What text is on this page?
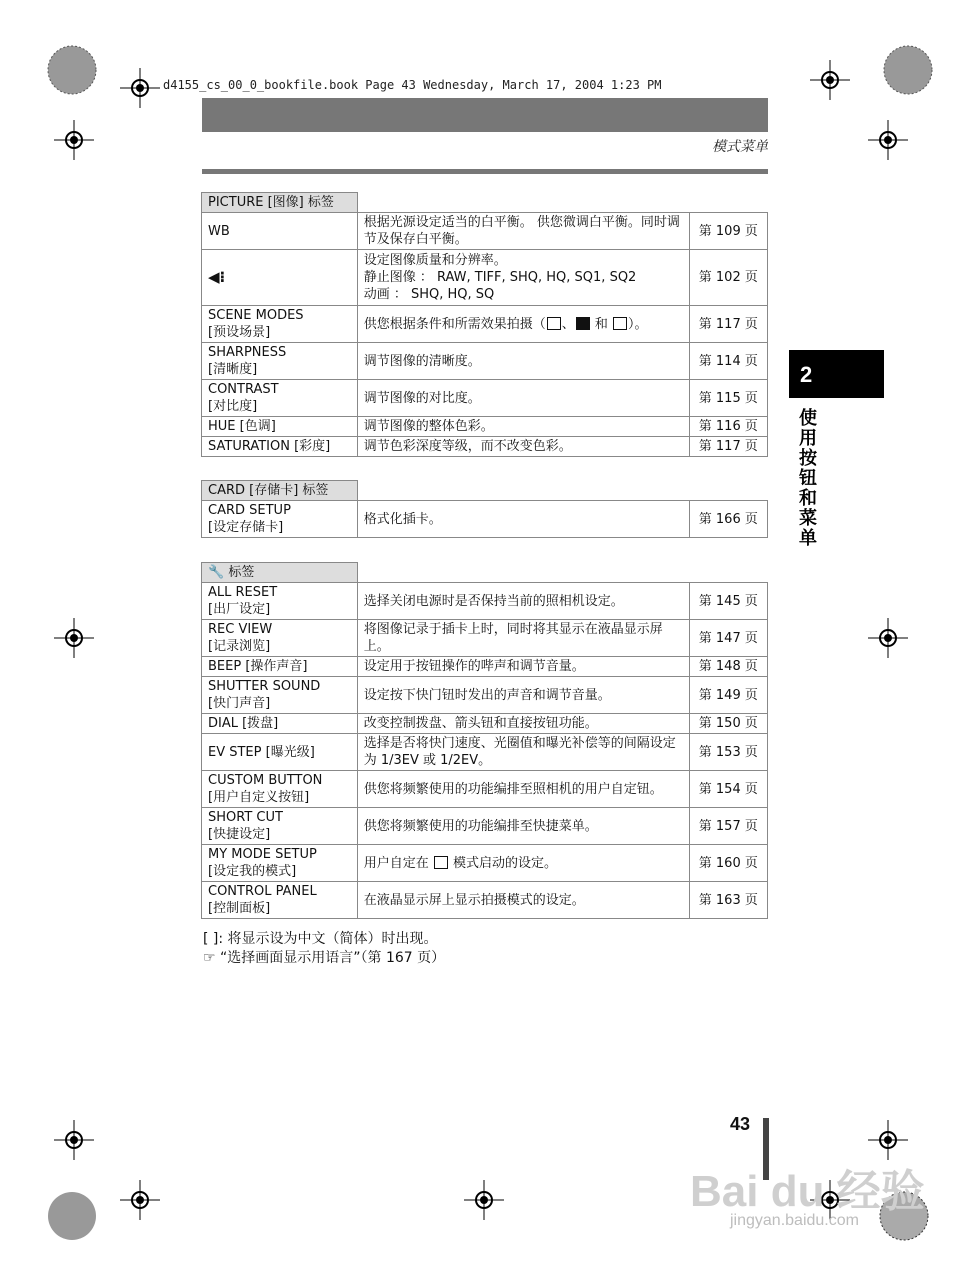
d4155_cs_00_0_bookfile.book Page 43 Wednesday, March 17, 2004 1:23 PM
模式菜单
PICTURE [图像] 标签		
WB	根据光源设定适当的白平衡。 供您微调白平衡。同时调节及保存白平衡。	第 109 页
◀⁝	设定图像质量和分辨率。
静止图像 ： RAW, TIFF, SHQ, HQ, SQ1, SQ2
动画 ： SHQ, HQ, SQ	第 102 页

SCENE MODES
[预设场景]	供您根据条件和所需效果拍摄（ 、 和 ）。	第 117 页

SHARPNESS
[清晰度]	调节图像的清晰度。	第 114 页

CONTRAST
[对比度]	调节图像的对比度。	第 115 页
HUE [色调]	调节图像的整体色彩。	第 116 页
SATURATION [彩度]	调节色彩深度等级，而不改变色彩。	第 117 页
CARD [存储卡] 标签		

CARD SETUP
[设定存储卡]	格式化插卡。	第 166 页
🔧 标签		

ALL RESET
[出厂设定]	选择关闭电源时是否保持当前的照相机设定。	第 145 页

REC VIEW
[记录浏览]	将图像记录于插卡上时，同时将其显示在液晶显示屏上。	第 147 页
BEEP [操作声音]	设定用于按钮操作的哔声和调节音量。	第 148 页

SHUTTER SOUND
[快门声音]	设定按下快门钮时发出的声音和调节音量。	第 149 页
DIAL [拨盘]	改变控制拨盘、箭头钮和直接按钮功能。	第 150 页
EV STEP [曝光级]	选择是否将快门速度、光圈值和曝光补偿等的间隔设定为 1/3EV 或 1/2EV。	第 153 页

CUSTOM BUTTON
[用户自定义按钮]	供您将频繁使用的功能编排至照相机的用户自定钮。	第 154 页

SHORT CUT
[快捷设定]	供您将频繁使用的功能编排至快捷菜单。	第 157 页

MY MODE SETUP
[设定我的模式]	用户自定在  模式启动的设定。	第 160 页

CONTROL PANEL
[控制面板]	在液晶显示屏上显示拍摄模式的设定。	第 163 页
[ ]: 将显示设为中文（简体）时出现。
☞ “选择画面显示用语言”（第 167 页）
2
使用按钮和菜单
43
Bai du 经验
jingyan.baidu.com
